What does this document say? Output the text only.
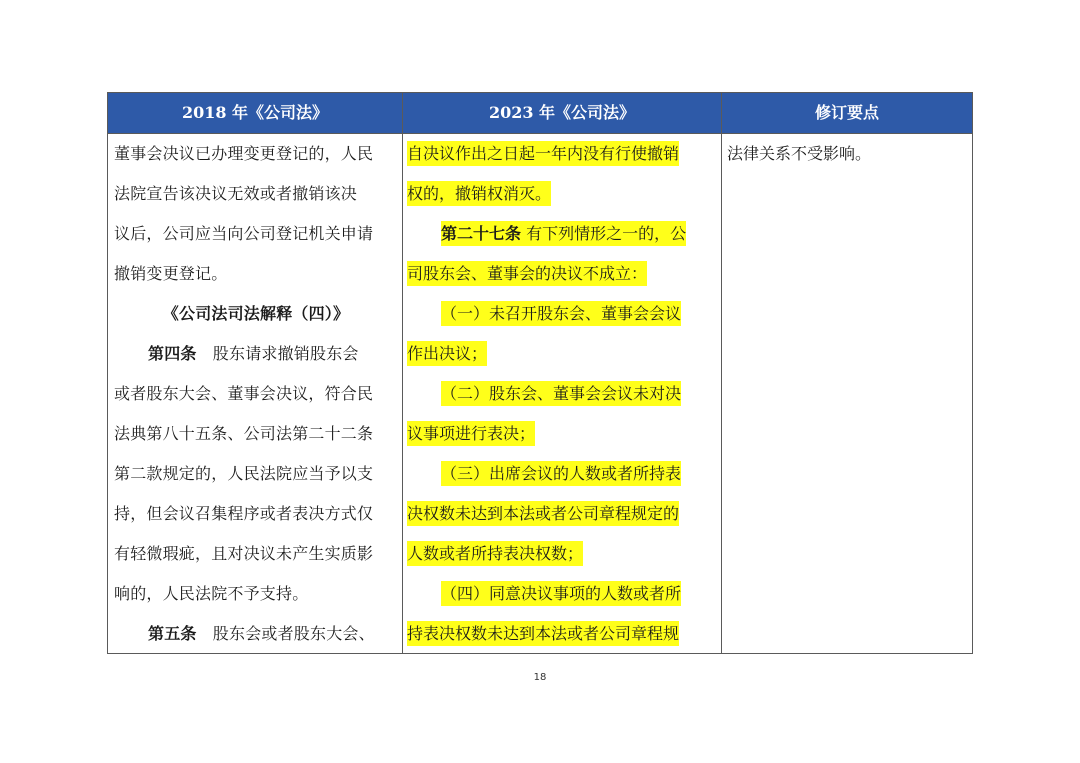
2018 年《公司法》	2023 年《公司法》	修订要点
董事会决议已办理变更登记的，人民
法院宣告该决议无效或者撤销该决
议后，公司应当向公司登记机关申请
撤销变更登记。
《公司法司法解释（四）》
第四条　股东请求撤销股东会
或者股东大会、董事会决议，符合民
法典第八十五条、公司法第二十二条
第二款规定的，人民法院应当予以支
持，但会议召集程序或者表决方式仅
有轻微瑕疵，且对决议未产生实质影
响的，人民法院不予支持。
第五条　股东会或者股东大会、
自决议作出之日起一年内没有行使撤销
权的，撤销权消灭。
第二十七条 有下列情形之一的，公
司股东会、董事会的决议不成立：
（一）未召开股东会、董事会会议
作出决议；
（二）股东会、董事会会议未对决
议事项进行表决；
（三）出席会议的人数或者所持表
决权数未达到本法或者公司章程规定的
人数或者所持表决权数；
（四）同意决议事项的人数或者所
持表决权数未达到本法或者公司章程规
法律关系不受影响。
18
